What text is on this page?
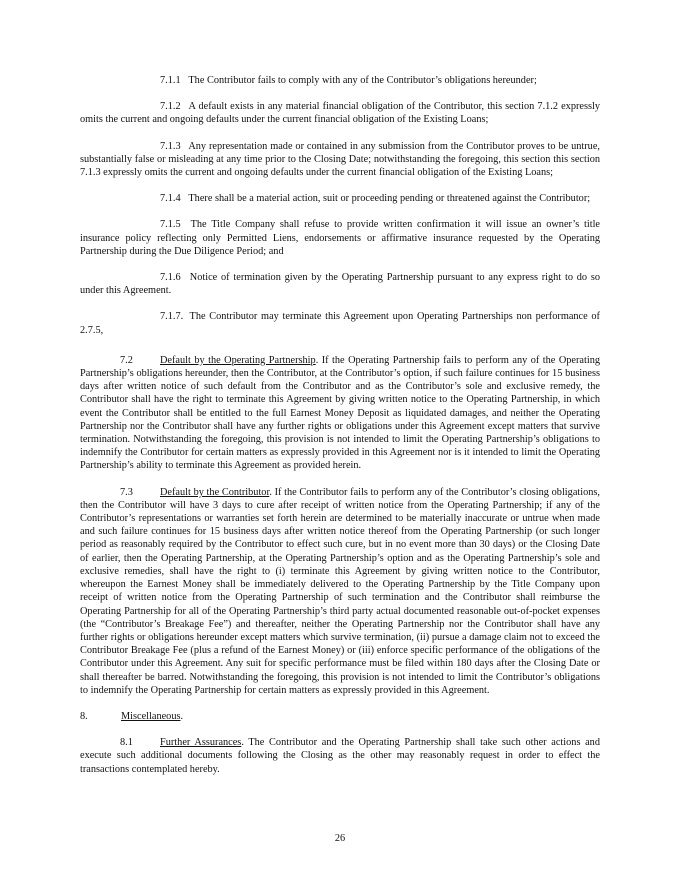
7.1.1 The Contributor fails to comply with any of the Contributor’s obligations hereunder;

7.1.2 A default exists in any material financial obligation of the Contributor, this section 7.1.2 expressly omits the current and ongoing defaults under the current financial obligation of the Existing Loans;

7.1.3 Any representation made or contained in any submission from the Contributor proves to be untrue, substantially false or misleading at any time prior to the Closing Date; notwithstanding the foregoing, this section this section 7.1.3 expressly omits the current and ongoing defaults under the current financial obligation of the Existing Loans;

7.1.4 There shall be a material action, suit or proceeding pending or threatened against the Contributor;

7.1.5 The Title Company shall refuse to provide written confirmation it will issue an owner’s title insurance policy reflecting only Permitted Liens, endorsements or affirmative insurance requested by the Operating Partnership during the Due Diligence Period; and

7.1.6 Notice of termination given by the Operating Partnership pursuant to any express right to do so under this Agreement.

7.1.7. The Contributor may terminate this Agreement upon Operating Partnerships non performance of 2.7.5,

7.2	Default by the Operating Partnership. If the Operating Partnership fails to perform any of the Operating Partnership’s obligations hereunder, then the Contributor, at the Contributor’s option, if such failure continues for 15 business days after written notice of such default from the Contributor and as the Contributor’s sole and exclusive remedy, the Contributor shall have the right to terminate this Agreement by giving written notice to the Operating Partnership, in which event the Contributor shall be entitled to the full Earnest Money Deposit as liquidated damages, and neither the Operating Partnership nor the Contributor shall have any further rights or obligations under this Agreement except matters that survive termination. Notwithstanding the foregoing, this provision is not intended to limit the Operating Partnership’s obligations to indemnify the Contributor for certain matters as expressly provided in this Agreement nor is it intended to limit the Operating Partnership’s ability to terminate this Agreement as provided herein.

7.3	Default by the Contributor. If the Contributor fails to perform any of the Contributor’s closing obligations, then the Contributor will have 3 days to cure after receipt of written notice from the Operating Partnership; if any of the Contributor’s representations or warranties set forth herein are determined to be materially inaccurate or untrue when made and such failure continues for 15 business days after written notice thereof from the Operating Partnership (or such longer period as reasonably required by the Contributor to effect such cure, but in no event more than 30 days) or the Closing Date of earlier, then the Operating Partnership, at the Operating Partnership’s option and as the Operating Partnership’s sole and exclusive remedies, shall have the right to (i) terminate this Agreement by giving written notice to the Contributor, whereupon the Earnest Money shall be immediately delivered to the Operating Partnership by the Title Company upon receipt of written notice from the Operating Partnership of such termination and the Contributor shall reimburse the Operating Partnership for all of the Operating Partnership’s third party actual documented reasonable out-of-pocket expenses (the “Contributor’s Breakage Fee”) and thereafter, neither the Operating Partnership nor the Contributor shall have any further rights or obligations hereunder except matters which survive termination, (ii) pursue a damage claim not to exceed the Contributor Breakage Fee (plus a refund of the Earnest Money) or (iii) enforce specific performance of the obligations of the Contributor under this Agreement. Any suit for specific performance must be filed within 180 days after the Closing Date or shall thereafter be barred. Notwithstanding the foregoing, this provision is not intended to limit the Contributor’s obligations to indemnify the Operating Partnership for certain matters as expressly provided in this Agreement.

8.	Miscellaneous.

8.1	Further Assurances. The Contributor and the Operating Partnership shall take such other actions and execute such additional documents following the Closing as the other may reasonably request in order to effect the transactions contemplated hereby.

26
